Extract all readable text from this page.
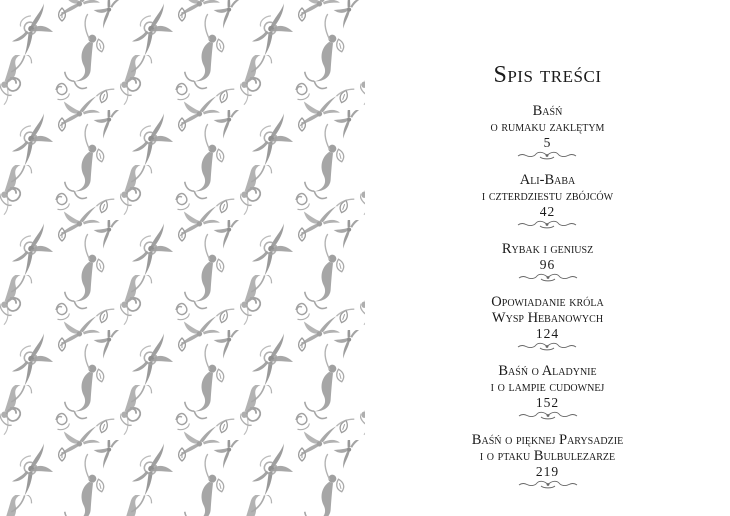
Spis treści
Baśń
o rumaku zaklętym
5
Ali-Baba
i czterdziestu zbójców
42
Rybak i geniusz
96
Opowiadanie króla
Wysp Hebanowych
124
Baśń o Aladynie
i o lampie cudownej
152
Baśń o pięknej Parysadzie
i o ptaku Bulbulezarze
219
